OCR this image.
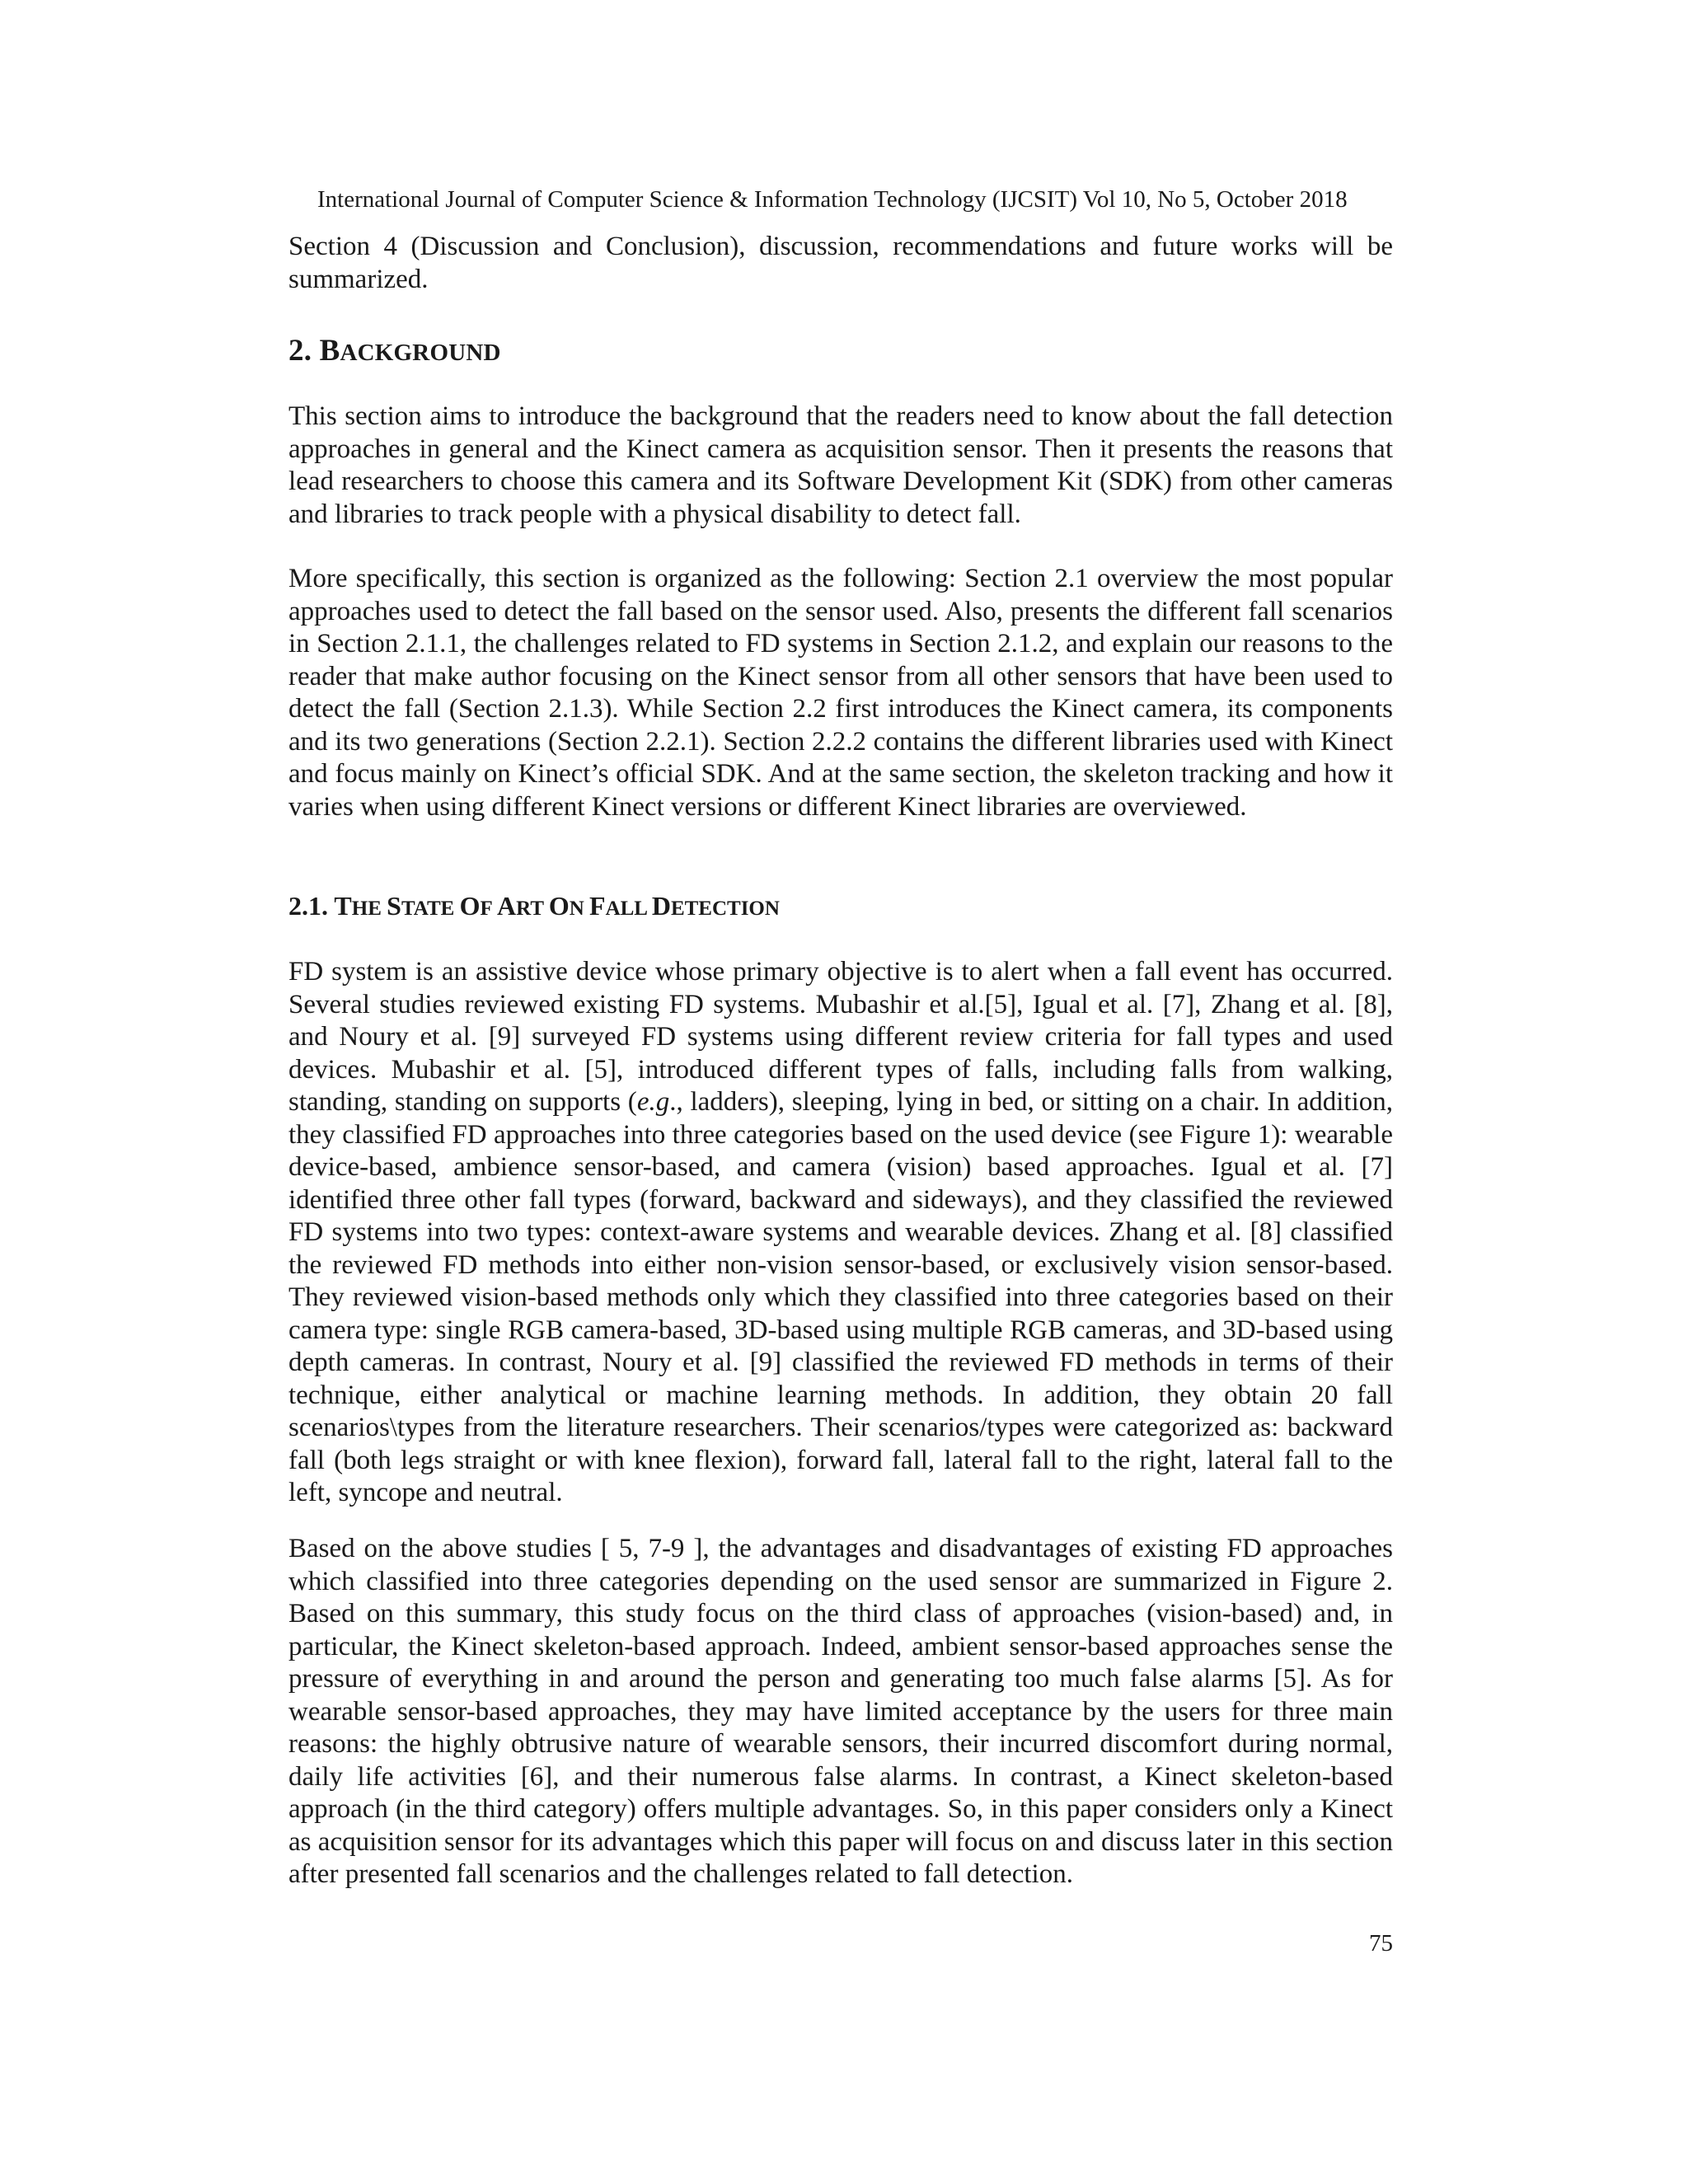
International Journal of Computer Science & Information Technology (IJCSIT) Vol 10, No 5, October 2018

Section 4 (Discussion and Conclusion), discussion, recommendations and future works will be summarized.

2. BACKGROUND

This section aims to introduce the background that the readers need to know about the fall detection approaches in general and the Kinect camera as acquisition sensor. Then it presents the reasons that lead researchers to choose this camera and its Software Development Kit (SDK) from other cameras and libraries to track people with a physical disability to detect fall.

More specifically, this section is organized as the following: Section 2.1 overview the most popular approaches used to detect the fall based on the sensor used. Also, presents the different fall scenarios in Section 2.1.1, the challenges related to FD systems in Section 2.1.2, and explain our reasons to the reader that make author focusing on the Kinect sensor from all other sensors that have been used to detect the fall (Section 2.1.3). While Section 2.2 first introduces the Kinect camera, its components and its two generations (Section 2.2.1). Section 2.2.2 contains the different libraries used with Kinect and focus mainly on Kinect’s official SDK. And at the same section, the skeleton tracking and how it varies when using different Kinect versions or different Kinect libraries are overviewed.

2.1. THE STATE OF ART ON FALL DETECTION

FD system is an assistive device whose primary objective is to alert when a fall event has occurred. Several studies reviewed existing FD systems. Mubashir et al.[5], Igual et al. [7], Zhang et al. [8], and Noury et al. [9] surveyed FD systems using different review criteria for fall types and used devices. Mubashir et al. [5], introduced different types of falls, including falls from walking, standing, standing on supports (e.g., ladders), sleeping, lying in bed, or sitting on a chair. In addition, they classified FD approaches into three categories based on the used device (see Figure 1): wearable device-based, ambience sensor-based, and camera (vision) based approaches. Igual et al. [7] identified three other fall types (forward, backward and sideways), and they classified the reviewed FD systems into two types: context-aware systems and wearable devices. Zhang et al. [8] classified the reviewed FD methods into either non-vision sensor-based, or exclusively vision sensor-based. They reviewed vision-based methods only which they classified into three categories based on their camera type: single RGB camera-based, 3D-based using multiple RGB cameras, and 3D-based using depth cameras. In contrast, Noury et al. [9] classified the reviewed FD methods in terms of their technique, either analytical or machine learning methods. In addition, they obtain 20 fall scenarios\types from the literature researchers. Their scenarios/types were categorized as: backward fall (both legs straight or with knee flexion), forward fall, lateral fall to the right, lateral fall to the left, syncope and neutral.

Based on the above studies [ 5, 7-9 ], the advantages and disadvantages of existing FD approaches which classified into three categories depending on the used sensor are summarized in Figure 2. Based on this summary, this study focus on the third class of approaches (vision-based) and, in particular, the Kinect skeleton-based approach. Indeed, ambient sensor-based approaches sense the pressure of everything in and around the person and generating too much false alarms [5]. As for wearable sensor-based approaches, they may have limited acceptance by the users for three main reasons: the highly obtrusive nature of wearable sensors, their incurred discomfort during normal, daily life activities [6], and their numerous false alarms. In contrast, a Kinect skeleton-based approach (in the third category) offers multiple advantages. So, in this paper considers only a Kinect as acquisition sensor for its advantages which this paper will focus on and discuss later in this section after presented fall scenarios and the challenges related to fall detection.

75
